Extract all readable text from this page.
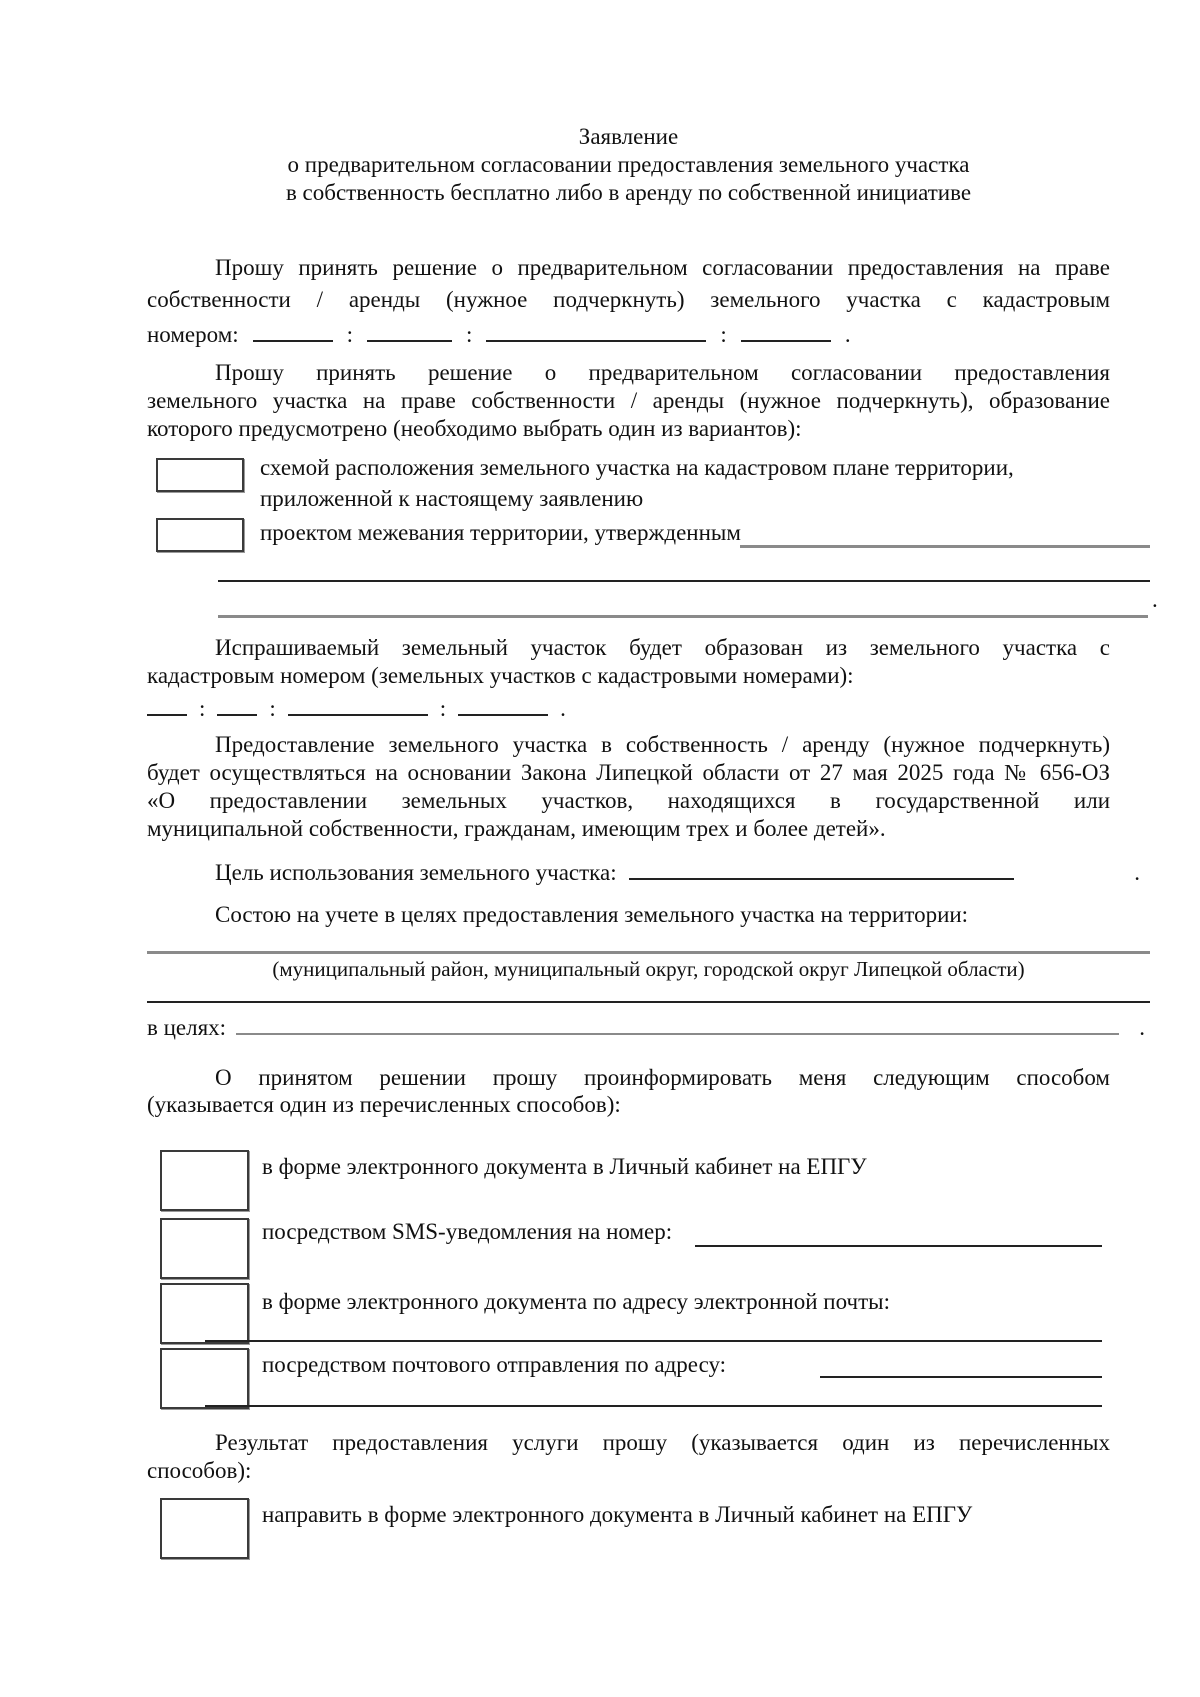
Заявление
о предварительном согласовании предоставления земельного участка
в собственность бесплатно либо в аренду по собственной инициативе
Прошу принять решение о предварительном согласовании предоставления на праве
собственности / аренды (нужное подчеркнуть) земельного участка с кадастровым
номером:	:	:	:	.
Прошу принять решение о предварительном согласовании предоставления
земельного участка на праве собственности / аренды (нужное подчеркнуть), образование
которого предусмотрено (необходимо выбрать один из вариантов):
схемой расположения земельного участка на кадастровом плане территории,
приложенной к настоящему заявлению
проектом межевания территории, утвержденным
.
Испрашиваемый земельный участок будет образован из земельного участка с
кадастровым номером (земельных участков с кадастровыми номерами):
:	:	:	.
Предоставление земельного участка в собственность / аренду (нужное подчеркнуть)
будет осуществляться на основании Закона Липецкой области от 27 мая 2025 года № 656-ОЗ
«О предоставлении земельных участков, находящихся в государственной или
муниципальной собственности, гражданам, имеющим трех и более детей».
Цель использования земельного участка:	.
Состою на учете в целях предоставления земельного участка на территории:
(муниципальный район, муниципальный округ, городской округ Липецкой области)
в целях:	.
О принятом решении прошу проинформировать меня следующим способом
(указывается один из перечисленных способов):
в форме электронного документа в Личный кабинет на ЕПГУ
посредством SMS-уведомления на номер:
в форме электронного документа по адресу электронной почты:
посредством почтового отправления по адресу:
Результат предоставления услуги прошу (указывается один из перечисленных
способов):
направить в форме электронного документа в Личный кабинет на ЕПГУ
